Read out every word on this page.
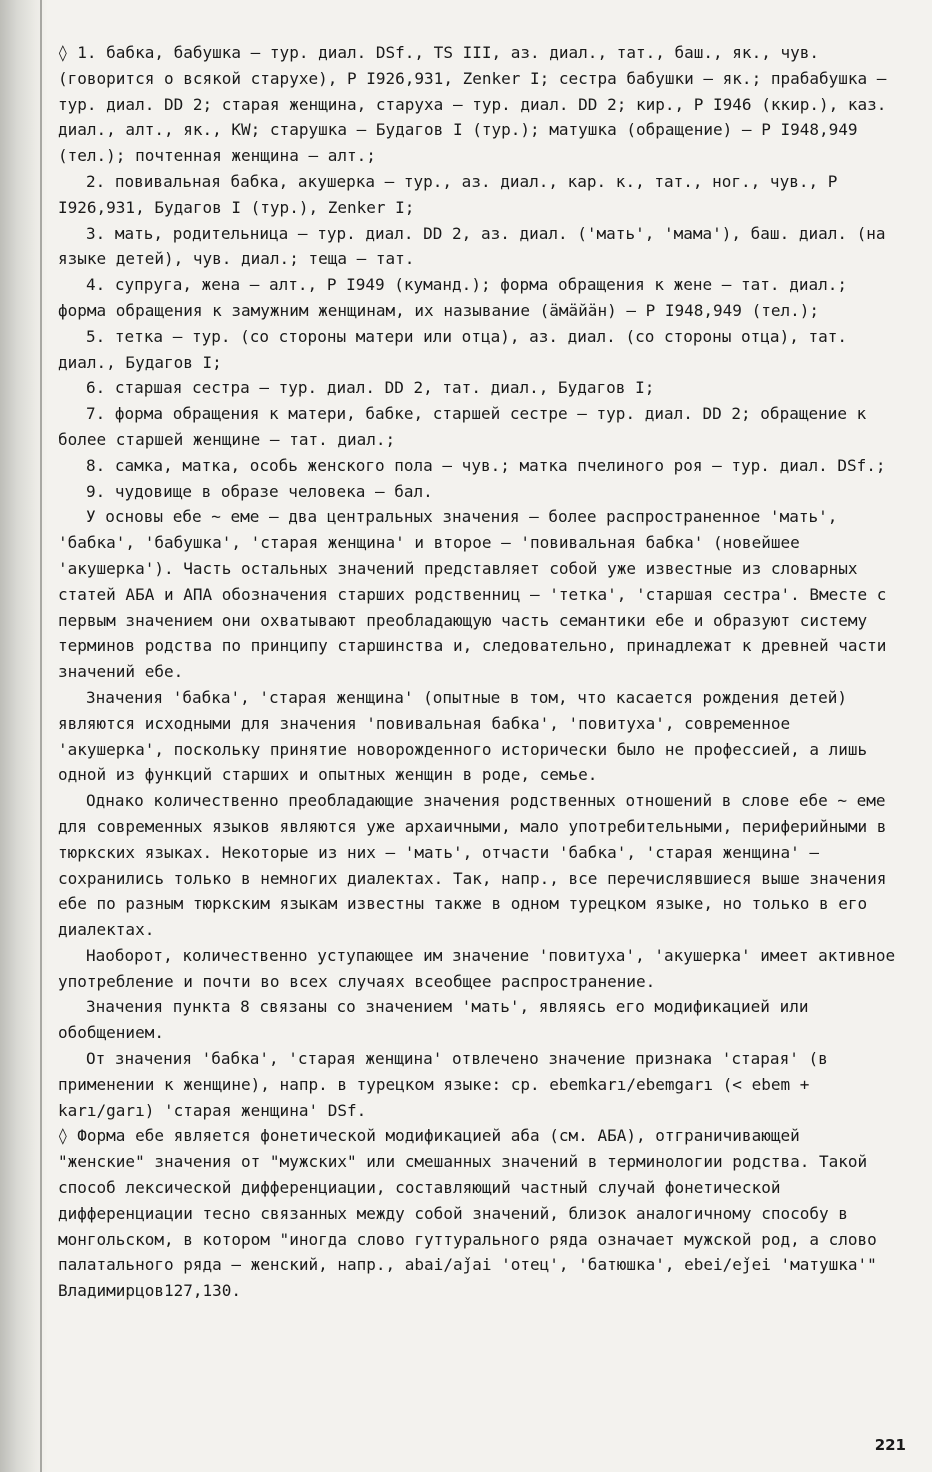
◊ 1. бабка, бабушка – тур. диал. DSf., TS III, аз. диал., тат., баш., як., чув. (говорится о всякой старухе), Р I926,931, Zenker I; сестра бабушки – як.; прабабушка – тур. диал. DD 2; старая женщина, старуха – тур. диал. DD 2; кир., Р I946 (ккир.), каз. диал., алт., як., KW; старушка – Будагов I (тур.); матушка (обращение) – Р I948,949 (тел.); почтенная женщина – алт.;

2. повивальная бабка, акушерка – тур., аз. диал., кар. к., тат., ног., чув., Р I926,931, Будагов I (тур.), Zenker I;

3. мать, родительница – тур. диал. DD 2, аз. диал. ('мать', 'мама'), баш. диал. (на языке детей), чув. диал.; теща – тат.

4. супруга, жена – алт., Р I949 (куманд.); форма обращения к жене – тат. диал.; форма обращения к замужним женщинам, их называние (ӓмӓйӓн) – Р I948,949 (тел.);

5. тетка – тур. (со стороны матери или отца), аз. диал. (со стороны отца), тат. диал., Будагов I;

6. старшая сестра – тур. диал. DD 2, тат. диал., Будагов I;

7. форма обращения к матери, бабке, старшей сестре – тур. диал. DD 2; обращение к более старшей женщине – тат. диал.;

8. самка, матка, особь женского пола – чув.; матка пчелиного роя – тур. диал. DSf.;

9. чудовище в образе человека – бал.

У основы ебе ~ еме – два центральных значения – более распространенное 'мать', 'бабка', 'бабушка', 'старая женщина' и второе – 'повивальная бабка' (новейшее 'акушерка'). Часть остальных значений представляет собой уже известные из словарных статей АБА и АПА обозначения старших родственниц – 'тетка', 'старшая сестра'. Вместе с первым значением они охватывают преобладающую часть семантики ебе и образуют систему терминов родства по принципу старшинства и, следовательно, принадлежат к древней части значений ебе.

Значения 'бабка', 'старая женщина' (опытные в том, что касается рождения детей) являются исходными для значения 'повивальная бабка', 'повитуха', современное 'акушерка', поскольку принятие новорожденного исторически было не профессией, а лишь одной из функций старших и опытных женщин в роде, семье.

Однако количественно преобладающие значения родственных отношений в слове ебе ~ еме для современных языков являются уже архаичными, мало употребительными, периферийными в тюркских языках. Некоторые из них – 'мать', отчасти 'бабка', 'старая женщина' – сохранились только в немногих диалектах. Так, напр., все перечислявшиеся выше значения ебе по разным тюркским языкам известны также в одном турецком языке, но только в его диалектах.

Наоборот, количественно уступающее им значение 'повитуха', 'акушерка' имеет активное употребление и почти во всех случаях всеобщее распространение.

Значения пункта 8 связаны со значением 'мать', являясь его модификацией или обобщением.

От значения 'бабка', 'старая женщина' отвлечено значение признака 'старая' (в применении к женщине), напр. в турецком языке: ср. ebemkarı/ebemgarı (< ebem + karı/garı) 'старая женщина' DSf.

◊ Форма ебе является фонетической модификацией аба (см. АБА), отграничивающей "женские" значения от "мужских" или смешанных значений в терминологии родства. Такой способ лексической дифференциации, составляющий частный случай фонетической дифференциации тесно связанных между собой значений, близок аналогичному способу в монгольском, в котором "иногда слово гуттурального ряда означает мужской род, а слово палатального ряда – женский, напр., abai/aǰai 'отец', 'батюшка', ebei/eǰei 'матушка'" Владимирцов127,130.

221
